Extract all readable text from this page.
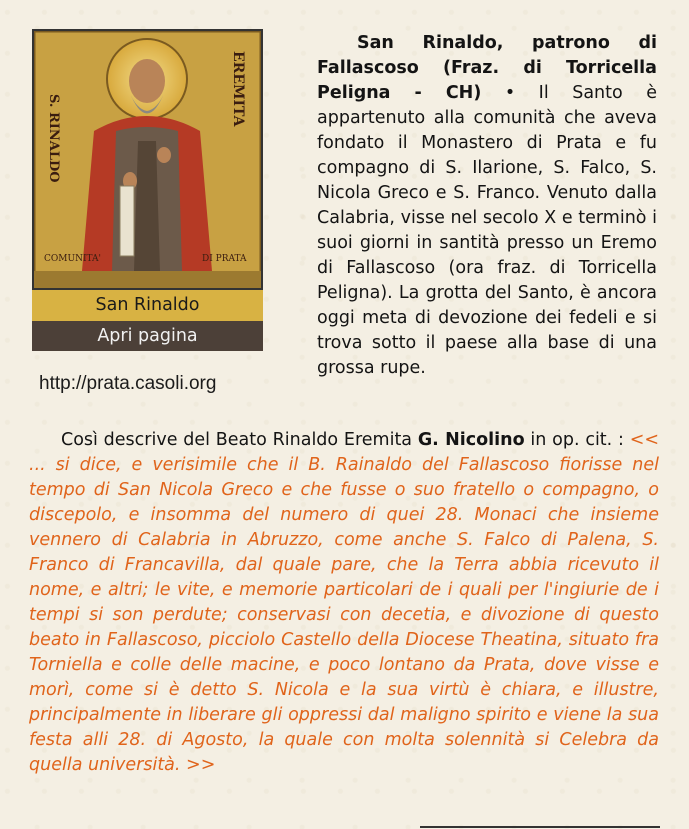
S. RINALDO
EREMITA
COMUNITA'	DI PRATA
San Rinaldo
Apri pagina
http://prata.casoli.org
San Rinaldo, patrono di Fallascoso (Fraz. di Torricella Peligna - CH) • Il Santo è appartenuto alla comunità che aveva fondato il Monastero di Prata e fu compagno di S. Ilarione, S. Falco, S. Nicola Greco e S. Franco. Venuto dalla Calabria, visse nel secolo X e terminò i suoi giorni in santità presso un Eremo di Fallascoso (ora fraz. di Torricella Peligna). La grotta del Santo, è ancora oggi meta di devozione dei fedeli e si trova sotto il paese alla base di una grossa rupe.
Così descrive del Beato Rinaldo Eremita G. Nicolino in op. cit. : << ... si dice, e verisimile che il B. Rainaldo del Fallascoso fiorisse nel tempo di San Nicola Greco e che fusse o suo fratello o compagno, o discepolo, e insomma del numero di quei 28. Monaci che insieme vennero di Calabria in Abruzzo, come anche S. Falco di Palena, S. Franco di Francavilla, dal quale pare, che la Terra abbia ricevuto il nome, e altri; le vite, e memorie particolari de i quali per l'ingiurie de i tempi si son perdute; conservasi con decetia, e divozione di questo beato in Fallascoso, picciolo Castello della Diocese Theatina, situato fra Torniella e colle delle macine, e poco lontano da Prata, dove visse e morì, come si è detto S. Nicola e la sua virtù è chiara, e illustre, principalmente in liberare gli oppressi dal maligno spirito e viene la sua festa alli 28. di Agosto, la quale con molta solennità si Celebra da quella università. >>
